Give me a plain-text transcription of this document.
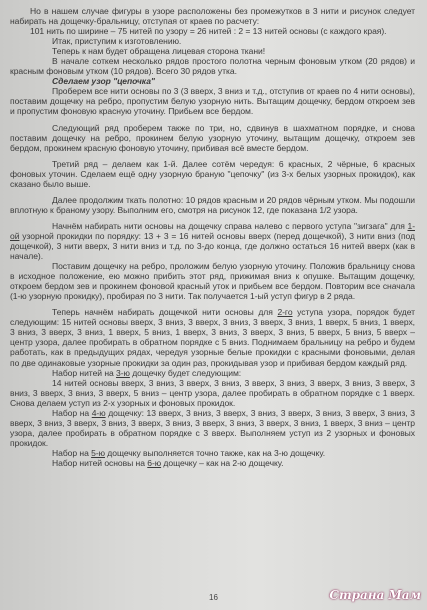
Но в нашем случае фигуры в узоре расположены без промежутков в 3 нити и рисунок следует набирать на дощечку-бральницу, отступая от краев по расчету:

101 нить по ширине – 75 нитей по узору = 26 нитей : 2 = 13 нитей основы (с каждого края).

Итак, приступим к изготовлению.

Теперь к нам будет обращена лицевая сторона ткани!

В начале соткем несколько рядов простого полотна черным фоновым утком (20 рядов) и красным фоновым утком (10 рядов). Всего 30 рядов утка.

Сделаем узор "цепочка"

Проберем все нити основы по 3 (3 вверх, 3 вниз и т.д., отступив от краев по 4 нити основы), поставим дощечку на ребро, пропустим белую узорную нить. Вытащим дощечку, бердом откроем зев и пропустим фоновую красную уточину. Прибьем все бердом.

Следующий ряд проберем также по три, но, сдвинув в шахматном порядке, и снова поставим дощечку на ребро, прокинем белую узорную уточину, вытащим дощечку, откроем зев бердом, прокинем красную фоновую уточину, прибивая всё вместе бердом.

Третий ряд – делаем как 1-й. Далее сотём чередуя: 6 красных, 2 чёрные, 6 красных фоновых уточин. Сделаем ещё одну узорную браную "цепочку" (из 3-х белых узорных прокидок), как сказано было выше.

Далее продолжим ткать полотно: 10 рядов красным и 20 рядов чёрным утком. Мы подошли вплотную к браному узору. Выполним его, смотря на рисунок 12, где показана 1/2 узора.

Начнём набирать нити основы на дощечку справа налево с первого уступа "зигзага" для 1-ой узорной прокидки по порядку: 13 + 3 = 16 нитей основы вверх (перед дощечкой), 3 нити вниз (под дощечкой), 3 нити вверх, 3 нити вниз и т.д. по 3-до конца, где должно остаться 16 нитей вверх (как в начале).

Поставим дощечку на ребро, проложим белую узорную уточину. Положив бральницу снова в исходное положение, ею можно прибить этот ряд, прижимая вниз к опушке. Вытащим дощечку, откроем бердом зев и прокинем фоновой красный уток и прибьем все бердом. Повторим все сначала (1-ю узорную прокидку), пробирая по 3 нити. Так получается 1-ый уступ фигур в 2 ряда.

Теперь начнём набирать дощечкой нити основы для 2-го уступа узора, порядок будет следующим: 15 нитей основы вверх, 3 вниз, 3 вверх, 3 вниз, 3 вверх, 3 вниз, 1 вверх, 5 вниз, 1 вверх, 3 вниз, 3 вверх, 3 вниз, 1 вверх, 5 вниз, 1 вверх, 3 вниз, 3 вверх, 3 вниз, 5 вверх, 5 вниз, 5 вверх – центр узора, далее пробирать в обратном порядке с 5 вниз. Поднимаем бральницу на ребро и будем работать, как в предыдущих рядах, чередуя узорные белые прокидки с красными фоновыми, делая по две одинаковые узорные прокидки за один раз, прокидывая узор и прибивая бердом каждый ряд.

Набор нитей на 3-ю дощечку будет следующим:

14 нитей основы вверх, 3 вниз, 3 вверх, 3 вниз, 3 вверх, 3 вниз, 3 вверх, 3 вниз, 3 вверх, 3 вниз, 3 вверх, 3 вниз, 3 вверх, 5 вниз – центр узора, далее пробирать в обратном порядке с 1 вверх. Снова делаем уступ из 2-х узорных и фоновых прокидок.

Набор на 4-ю дощечку: 13 вверх, 3 вниз, 3 вверх, 3 вниз, 3 вверх, 3 вниз, 3 вверх, 3 вниз, 3 вверх, 3 вниз, 3 вверх, 3 вниз, 3 вверх, 3 вниз, 3 вверх, 3 вниз, 3 вверх, 3 вниз, 1 вверх, 3 вниз – центр узора, далее пробирать в обратном порядке с 3 вверх. Выполняем уступ из 2 узорных и фоновых прокидок.

Набор на 5-ю дощечку выполняется точно также, как на 3-ю дощечку.

Набор нитей основы на 6-ю дощечку – как на 2-ю дощечку.

16	Страна Мам
